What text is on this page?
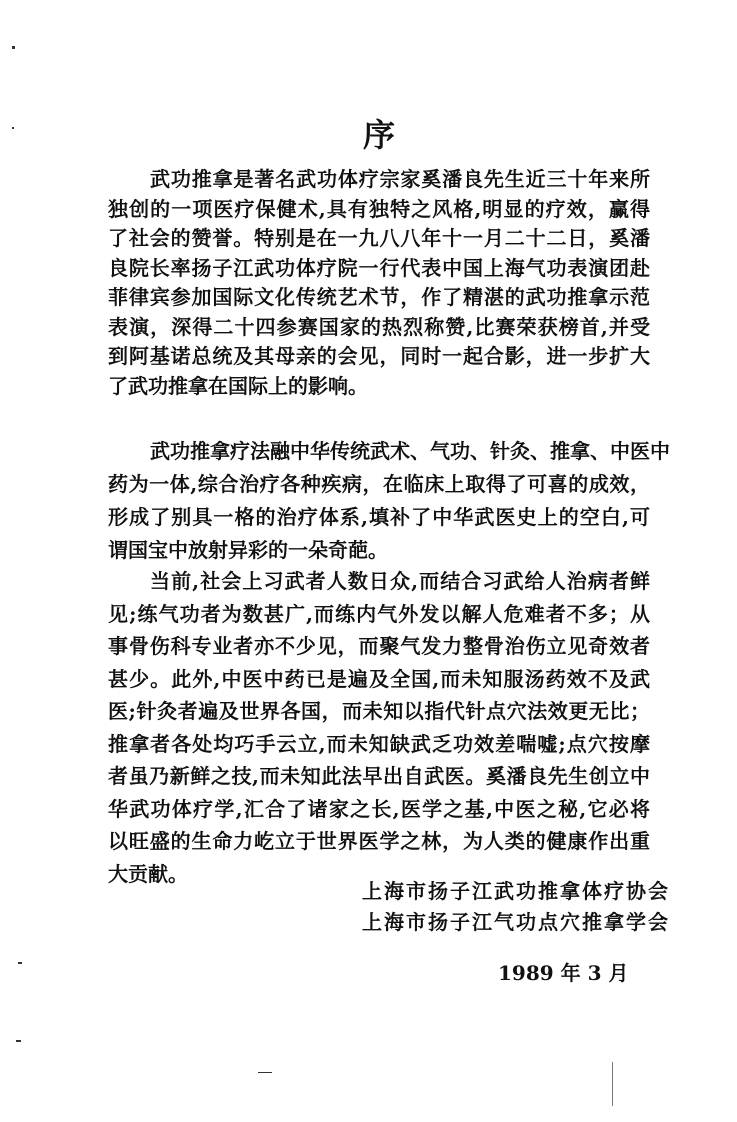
序
武功推拿是著名武功体疗宗家奚潘良先生近三十年来所
独创的一项医疗保健术,具有独特之风格,明显的疗效，赢得
了社会的赞誉。特别是在一九八八年十一月二十二日，奚潘
良院长率扬子江武功体疗院一行代表中国上海气功表演团赴
菲律宾参加国际文化传统艺术节，作了精湛的武功推拿示范
表演，深得二十四参赛国家的热烈称赞,比赛荣获榜首,并受
到阿基诺总统及其母亲的会见，同时一起合影，进一步扩大
了武功推拿在国际上的影响。
武功推拿疗法融中华传统武术、气功、针灸、推拿、中医中
药为一体,综合治疗各种疾病，在临床上取得了可喜的成效，
形成了别具一格的治疗体系,填补了中华武医史上的空白,可
谓国宝中放射异彩的一朵奇葩。
当前,社会上习武者人数日众,而结合习武给人治病者鲜
见;练气功者为数甚广,而练内气外发以解人危难者不多；从
事骨伤科专业者亦不少见，而聚气发力整骨治伤立见奇效者
甚少。此外,中医中药已是遍及全国,而未知服汤药效不及武
医;针灸者遍及世界各国，而未知以指代针点穴法效更无比；
推拿者各处均巧手云立,而未知缺武乏功效差喘嘘;点穴按摩
者虽乃新鲜之技,而未知此法早出自武医。奚潘良先生创立中
华武功体疗学,汇合了诸家之长,医学之基,中医之秘,它必将
以旺盛的生命力屹立于世界医学之林，为人类的健康作出重
大贡献。
上海市扬子江武功推拿体疗协会
上海市扬子江气功点穴推拿学会
1989 年 3 月
